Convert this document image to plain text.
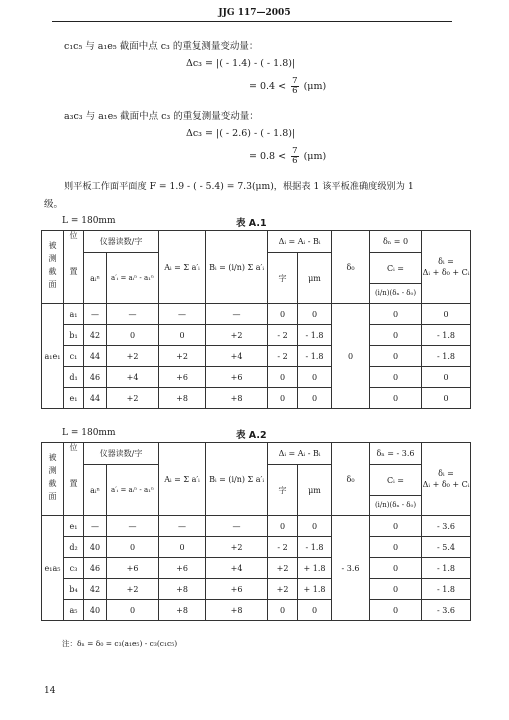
JJG 117—2005
c₁c₅ 与 a₁e₅ 截面中点 c₃ 的重复测量变动量：
Δc₃ = |( - 1.4) - ( - 1.8)|
= $0.4 < \frac{7}{6} (\mu m)$
a₃c₃ 与 a₁e₅ 截面中点 c₃ 的重复测量变动量：
Δc₃ = |( - 2.6) - ( - 1.8)|
= $0.8 < \frac{7}{6} (\mu m)$
则平板工作面平面度 F = 1.9 - ( - 5.4) = 7.3(μm)，根据表 1 该平板准确度级别为 1
级。
L = 180mm	表 A.1
被测截面	位置	仪器读数/字		Aᵢ = Σ a′ᵢ	Bᵢ = (i/n) Σ a′ᵢ	Δᵢ = Aᵢ - Bᵢ		δ₀	δₙ = 0	δᵢ =
Δᵢ + δ₀ + Cᵢ

		aᵢⁿ	a′ᵢ = aᵢⁿ - a₁ⁿ			字	μm		Cᵢ =	
									(i/n)(δₙ - δ₀)	
a₁e₁	a₁	—	—	—	—	0	0	0	0	0
	b₁	42	0	0	+2	- 2	- 1.8		0	- 1.8
	c₁	44	+2	+2	+4	- 2	- 1.8		0	- 1.8
	d₁	46	+4	+6	+6	0	0		0	0
	e₁	44	+2	+8	+8	0	0		0	0
L = 180mm	表 A.2
被测截面	位置	仪器读数/字		Aᵢ = Σ a′ᵢ	Bᵢ = (i/n) Σ a′ᵢ	Δᵢ = Aᵢ - Bᵢ		δ₀	δₙ = - 3.6	δᵢ =
Δᵢ + δ₀ + Cᵢ

		aᵢⁿ	a′ᵢ = aᵢⁿ - a₁ⁿ			字	μm		Cᵢ =	
									(i/n)(δₙ - δ₀)	
e₁a₅	e₁	—	—	—	—	0	0	- 3.6	0	- 3.6
	d₂	40	0	0	+2	- 2	- 1.8		0	- 5.4
	c₃	46	+6	+6	+4	+2	+ 1.8		0	- 1.8
	b₄	42	+2	+8	+6	+2	+ 1.8		0	- 1.8
	a₅	40	0	+8	+8	0	0		0	- 3.6
注：δₙ = δ₀ = c₃(a₁e₅) - c₃(c₁c₅)
14
